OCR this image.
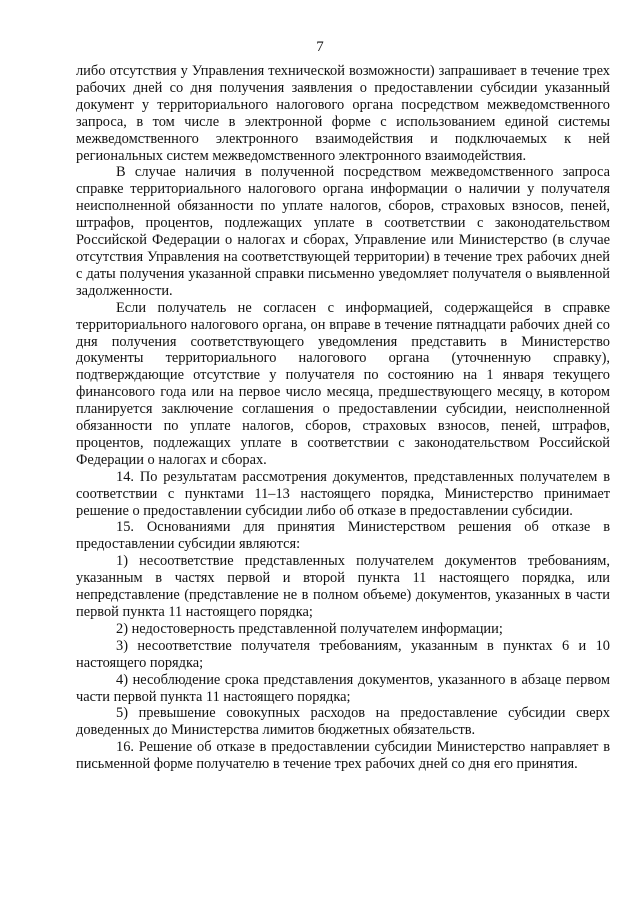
7

либо отсутствия у Управления технической возможности) запрашивает в течение трех рабочих дней со дня получения заявления о предоставлении субсидии указанный документ у территориального налогового органа посредством межведомственного запроса, в том числе в электронной форме с использованием единой системы межведомственного электронного взаимодействия и подключаемых к ней региональных систем межведомственного электронного взаимодействия.

В случае наличия в полученной посредством межведомственного запроса справке территориального налогового органа информации о наличии у получателя неисполненной обязанности по уплате налогов, сборов, страховых взносов, пеней, штрафов, процентов, подлежащих уплате в соответствии с законодательством Российской Федерации о налогах и сборах, Управление или Министерство (в случае отсутствия Управления на соответствующей территории) в течение трех рабочих дней с даты получения указанной справки письменно уведомляет получателя о выявленной задолженности.

Если получатель не согласен с информацией, содержащейся в справке территориального налогового органа, он вправе в течение пятнадцати рабочих дней со дня получения соответствующего уведомления представить в Министерство документы территориального налогового органа (уточненную справку), подтверждающие отсутствие у получателя по состоянию на 1 января текущего финансового года или на первое число месяца, предшествующего месяцу, в котором планируется заключение соглашения о предоставлении субсидии, неисполненной обязанности по уплате налогов, сборов, страховых взносов, пеней, штрафов, процентов, подлежащих уплате в соответствии с законодательством Российской Федерации о налогах и сборах.

14. По результатам рассмотрения документов, представленных получателем в соответствии с пунктами 11–13 настоящего порядка, Министерство принимает решение о предоставлении субсидии либо об отказе в предоставлении субсидии.

15. Основаниями для принятия Министерством решения об отказе в предоставлении субсидии являются:

1) несоответствие представленных получателем документов требованиям, указанным в частях первой и второй пункта 11 настоящего порядка, или непредставление (представление не в полном объеме) документов, указанных в части первой пункта 11 настоящего порядка;

2) недостоверность представленной получателем информации;

3) несоответствие получателя требованиям, указанным в пунктах 6 и 10 настоящего порядка;

4) несоблюдение срока представления документов, указанного в абзаце первом части первой пункта 11 настоящего порядка;

5) превышение совокупных расходов на предоставление субсидии сверх доведенных до Министерства лимитов бюджетных обязательств.

16. Решение об отказе в предоставлении субсидии Министерство направляет в письменной форме получателю в течение трех рабочих дней со дня его принятия.
